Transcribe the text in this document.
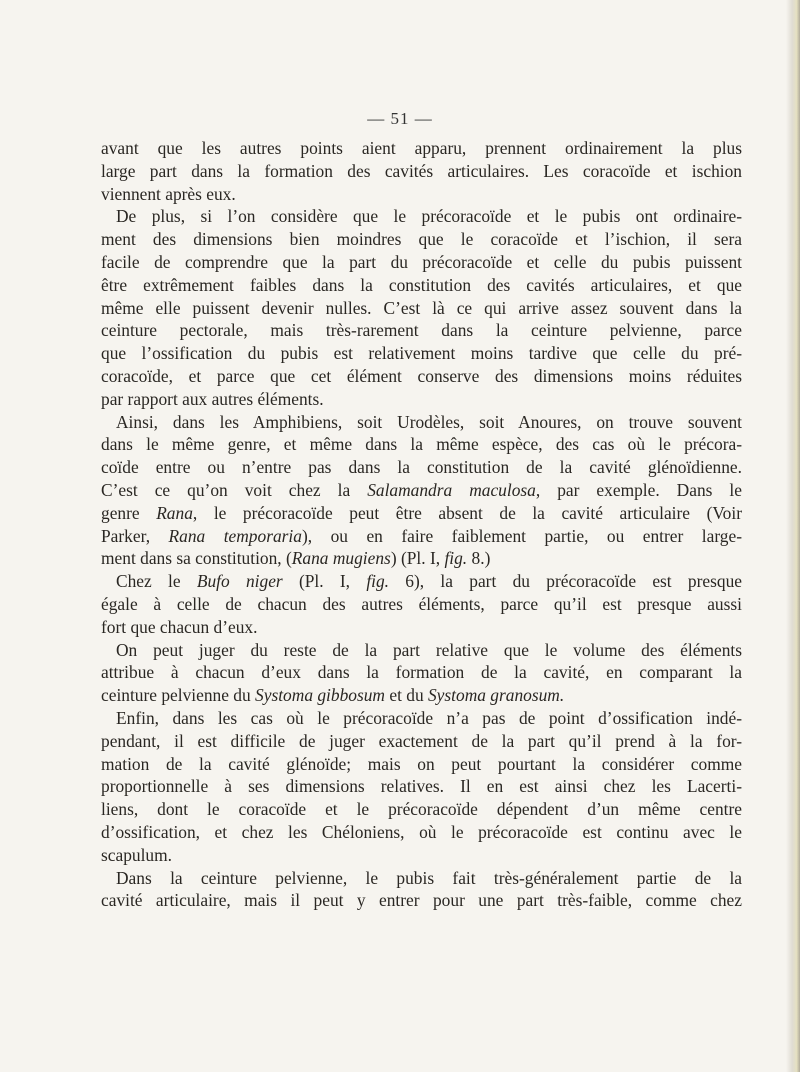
— 51 —
avant que les autres points aient apparu, prennent ordinairement la plus
large part dans la formation des cavités articulaires. Les coracoïde et ischion
viennent après eux.
De plus, si l’on considère que le précoracoïde et le pubis ont ordinaire-
ment des dimensions bien moindres que le coracoïde et l’ischion, il sera
facile de comprendre que la part du précoracoïde et celle du pubis puissent
être extrêmement faibles dans la constitution des cavités articulaires, et que
même elle puissent devenir nulles. C’est là ce qui arrive assez souvent dans la
ceinture pectorale, mais très-rarement dans la ceinture pelvienne, parce
que l’ossification du pubis est relativement moins tardive que celle du pré-
coracoïde, et parce que cet élément conserve des dimensions moins réduites
par rapport aux autres éléments.
Ainsi, dans les Amphibiens, soit Urodèles, soit Anoures, on trouve souvent
dans le même genre, et même dans la même espèce, des cas où le précora-
coïde entre ou n’entre pas dans la constitution de la cavité glénoïdienne.
C’est ce qu’on voit chez la Salamandra maculosa, par exemple. Dans le
genre Rana, le précoracoïde peut être absent de la cavité articulaire (Voir
Parker, Rana temporaria), ou en faire faiblement partie, ou entrer large-
ment dans sa constitution, (Rana mugiens) (Pl. I, fig. 8.)
Chez le Bufo niger (Pl. I, fig. 6), la part du précoracoïde est presque
égale à celle de chacun des autres éléments, parce qu’il est presque aussi
fort que chacun d’eux.
On peut juger du reste de la part relative que le volume des éléments
attribue à chacun d’eux dans la formation de la cavité, en comparant la
ceinture pelvienne du Systoma gibbosum et du Systoma granosum.
Enfin, dans les cas où le précoracoïde n’a pas de point d’ossification indé-
pendant, il est difficile de juger exactement de la part qu’il prend à la for-
mation de la cavité glénoïde; mais on peut pourtant la considérer comme
proportionnelle à ses dimensions relatives. Il en est ainsi chez les Lacerti-
liens, dont le coracoïde et le précoracoïde dépendent d’un même centre
d’ossification, et chez les Chéloniens, où le précoracoïde est continu avec le
scapulum.
Dans la ceinture pelvienne, le pubis fait très-généralement partie de la
cavité articulaire, mais il peut y entrer pour une part très-faible, comme chez
